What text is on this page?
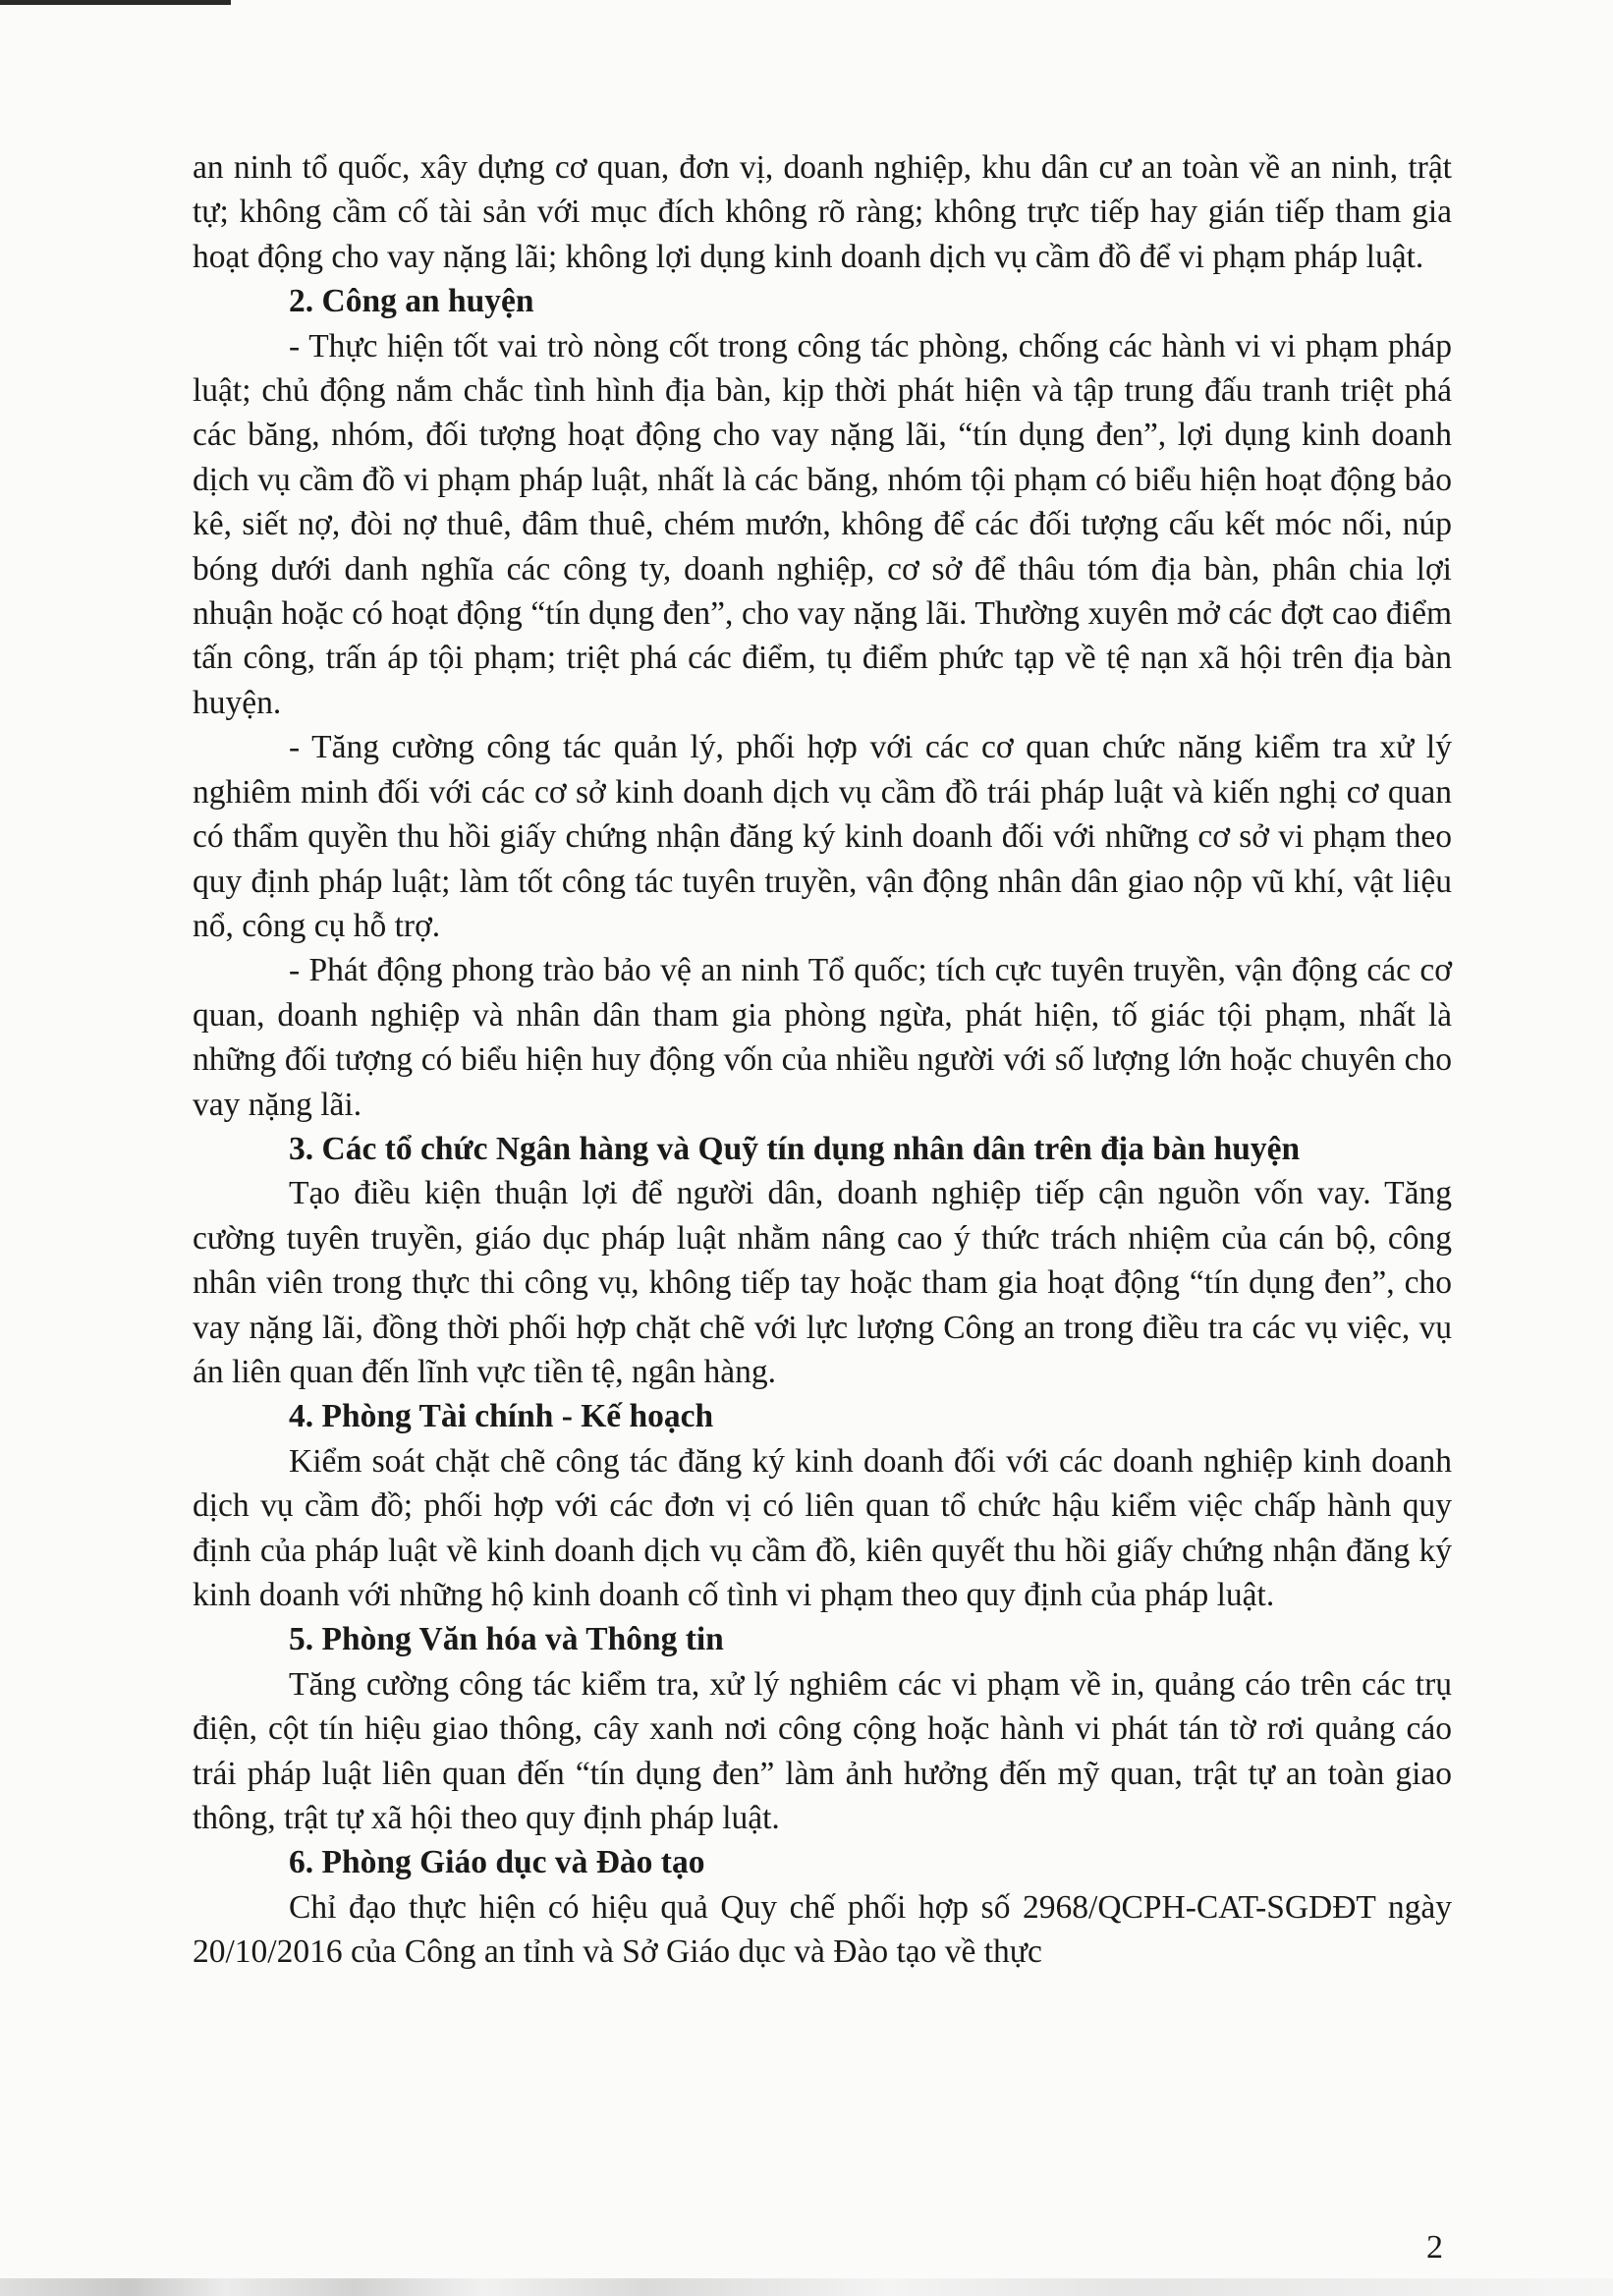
an ninh tổ quốc, xây dựng cơ quan, đơn vị, doanh nghiệp, khu dân cư an toàn về an ninh, trật tự; không cầm cố tài sản với mục đích không rõ ràng; không trực tiếp hay gián tiếp tham gia hoạt động cho vay nặng lãi; không lợi dụng kinh doanh dịch vụ cầm đồ để vi phạm pháp luật.

2. Công an huyện

- Thực hiện tốt vai trò nòng cốt trong công tác phòng, chống các hành vi vi phạm pháp luật; chủ động nắm chắc tình hình địa bàn, kịp thời phát hiện và tập trung đấu tranh triệt phá các băng, nhóm, đối tượng hoạt động cho vay nặng lãi, “tín dụng đen”, lợi dụng kinh doanh dịch vụ cầm đồ vi phạm pháp luật, nhất là các băng, nhóm tội phạm có biểu hiện hoạt động bảo kê, siết nợ, đòi nợ thuê, đâm thuê, chém mướn, không để các đối tượng cấu kết móc nối, núp bóng dưới danh nghĩa các công ty, doanh nghiệp, cơ sở để thâu tóm địa bàn, phân chia lợi nhuận hoặc có hoạt động “tín dụng đen”, cho vay nặng lãi. Thường xuyên mở các đợt cao điểm tấn công, trấn áp tội phạm; triệt phá các điểm, tụ điểm phức tạp về tệ nạn xã hội trên địa bàn huyện.

- Tăng cường công tác quản lý, phối hợp với các cơ quan chức năng kiểm tra xử lý nghiêm minh đối với các cơ sở kinh doanh dịch vụ cầm đồ trái pháp luật và kiến nghị cơ quan có thẩm quyền thu hồi giấy chứng nhận đăng ký kinh doanh đối với những cơ sở vi phạm theo quy định pháp luật; làm tốt công tác tuyên truyền, vận động nhân dân giao nộp vũ khí, vật liệu nổ, công cụ hỗ trợ.

- Phát động phong trào bảo vệ an ninh Tổ quốc; tích cực tuyên truyền, vận động các cơ quan, doanh nghiệp và nhân dân tham gia phòng ngừa, phát hiện, tố giác tội phạm, nhất là những đối tượng có biểu hiện huy động vốn của nhiều người với số lượng lớn hoặc chuyên cho vay nặng lãi.

3. Các tổ chức Ngân hàng và Quỹ tín dụng nhân dân trên địa bàn huyện

Tạo điều kiện thuận lợi để người dân, doanh nghiệp tiếp cận nguồn vốn vay. Tăng cường tuyên truyền, giáo dục pháp luật nhằm nâng cao ý thức trách nhiệm của cán bộ, công nhân viên trong thực thi công vụ, không tiếp tay hoặc tham gia hoạt động “tín dụng đen”, cho vay nặng lãi, đồng thời phối hợp chặt chẽ với lực lượng Công an trong điều tra các vụ việc, vụ án liên quan đến lĩnh vực tiền tệ, ngân hàng.

4. Phòng Tài chính - Kế hoạch

Kiểm soát chặt chẽ công tác đăng ký kinh doanh đối với các doanh nghiệp kinh doanh dịch vụ cầm đồ; phối hợp với các đơn vị có liên quan tổ chức hậu kiểm việc chấp hành quy định của pháp luật về kinh doanh dịch vụ cầm đồ, kiên quyết thu hồi giấy chứng nhận đăng ký kinh doanh với những hộ kinh doanh cố tình vi phạm theo quy định của pháp luật.

5. Phòng Văn hóa và Thông tin

Tăng cường công tác kiểm tra, xử lý nghiêm các vi phạm về in, quảng cáo trên các trụ điện, cột tín hiệu giao thông, cây xanh nơi công cộng hoặc hành vi phát tán tờ rơi quảng cáo trái pháp luật liên quan đến “tín dụng đen” làm ảnh hưởng đến mỹ quan, trật tự an toàn giao thông, trật tự xã hội theo quy định pháp luật.

6. Phòng Giáo dục và Đào tạo

Chỉ đạo thực hiện có hiệu quả Quy chế phối hợp số 2968/QCPH-CAT-SGDĐT ngày 20/10/2016 của Công an tỉnh và Sở Giáo dục và Đào tạo về thực

2
